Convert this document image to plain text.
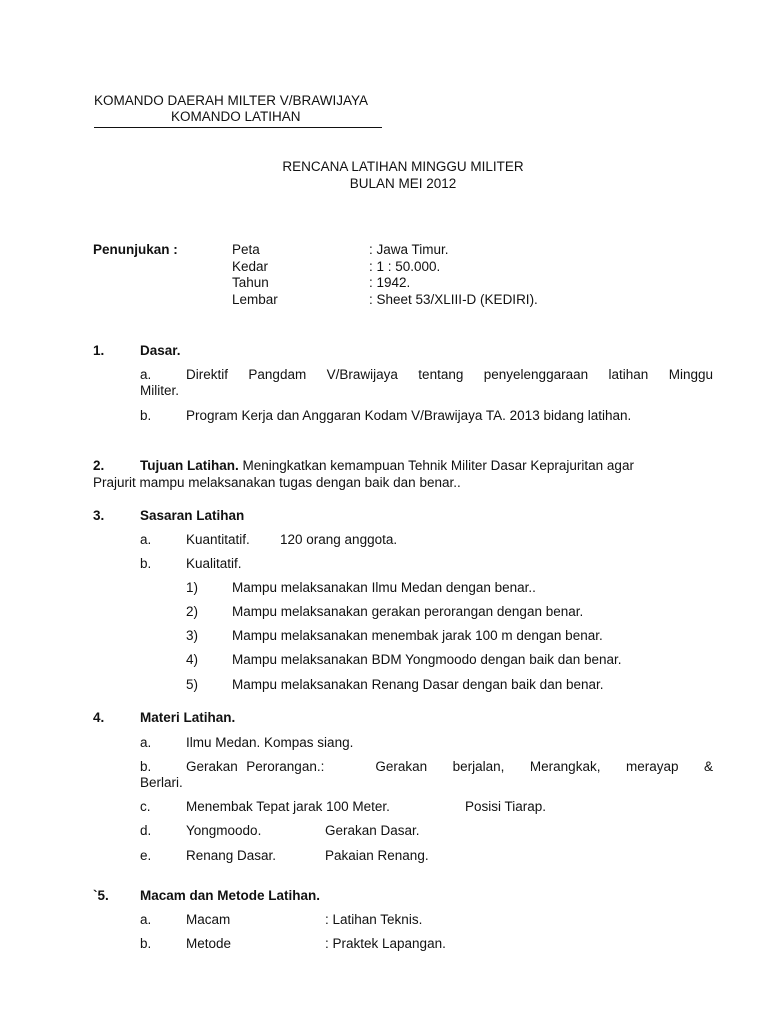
KOMANDO DAERAH MILTER V/BRAWIJAYA
KOMANDO LATIHAN
RENCANA LATIHAN MINGGU MILITER
BULAN MEI 2012
Penunjukan :	Peta	: Jawa Timur.
Kedar	: 1 : 50.000.
Tahun	: 1942.
Lembar	: Sheet 53/XLIII-D (KEDIRI).
1.	Dasar.
a.	Direktif Pangdam V/Brawijaya tentang penyelenggaraan latihan Minggu
Militer.
b.	Program Kerja dan Anggaran Kodam V/Brawijaya TA. 2013 bidang latihan.
2.	Tujuan Latihan. Meningkatkan kemampuan Tehnik Militer Dasar Keprajuritan agar
Prajurit mampu melaksanakan tugas dengan baik dan benar..
3.	Sasaran Latihan
a.	Kuantitatif. 120 orang anggota.
b.	Kualitatif.
1)	Mampu melaksanakan Ilmu Medan dengan benar..
2)	Mampu melaksanakan gerakan perorangan dengan benar.
3)	Mampu melaksanakan menembak jarak 100 m dengan benar.
4)	Mampu melaksanakan BDM Yongmoodo dengan baik dan benar.
5)	Mampu melaksanakan Renang Dasar dengan baik dan benar.
4.	Materi Latihan.
a.	Ilmu Medan. Kompas siang.
b.	Gerakan Perorangan.:      Gerakan   berjalan,   Merangkak,   merayap   &
Berlari.
c.	Menembak Tepat jarak 100 Meter.	Posisi Tiarap.
d.	Yongmoodo.	Gerakan Dasar.
e.	Renang Dasar.	Pakaian Renang.
`5. Macam dan Metode Latihan.
a.	Macam	: Latihan Teknis.
b.	Metode	: Praktek Lapangan.
